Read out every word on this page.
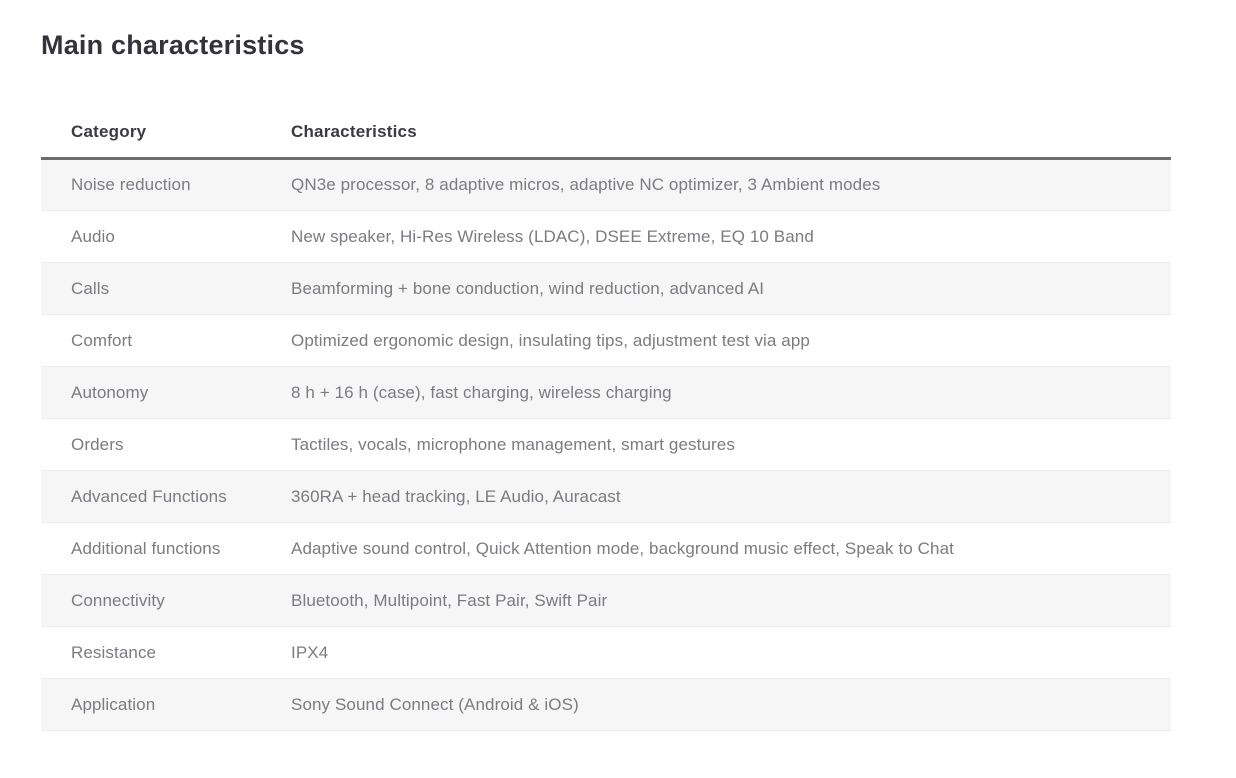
Main characteristics
Category	Characteristics
Noise reduction	QN3e processor, 8 adaptive micros, adaptive NC optimizer, 3 Ambient modes
Audio	New speaker, Hi-Res Wireless (LDAC), DSEE Extreme, EQ 10 Band
Calls	Beamforming + bone conduction, wind reduction, advanced AI
Comfort	Optimized ergonomic design, insulating tips, adjustment test via app
Autonomy	8 h + 16 h (case), fast charging, wireless charging
Orders	Tactiles, vocals, microphone management, smart gestures
Advanced Functions	360RA + head tracking, LE Audio, Auracast
Additional functions	Adaptive sound control, Quick Attention mode, background music effect, Speak to Chat
Connectivity	Bluetooth, Multipoint, Fast Pair, Swift Pair
Resistance	IPX4
Application	Sony Sound Connect (Android & iOS)
